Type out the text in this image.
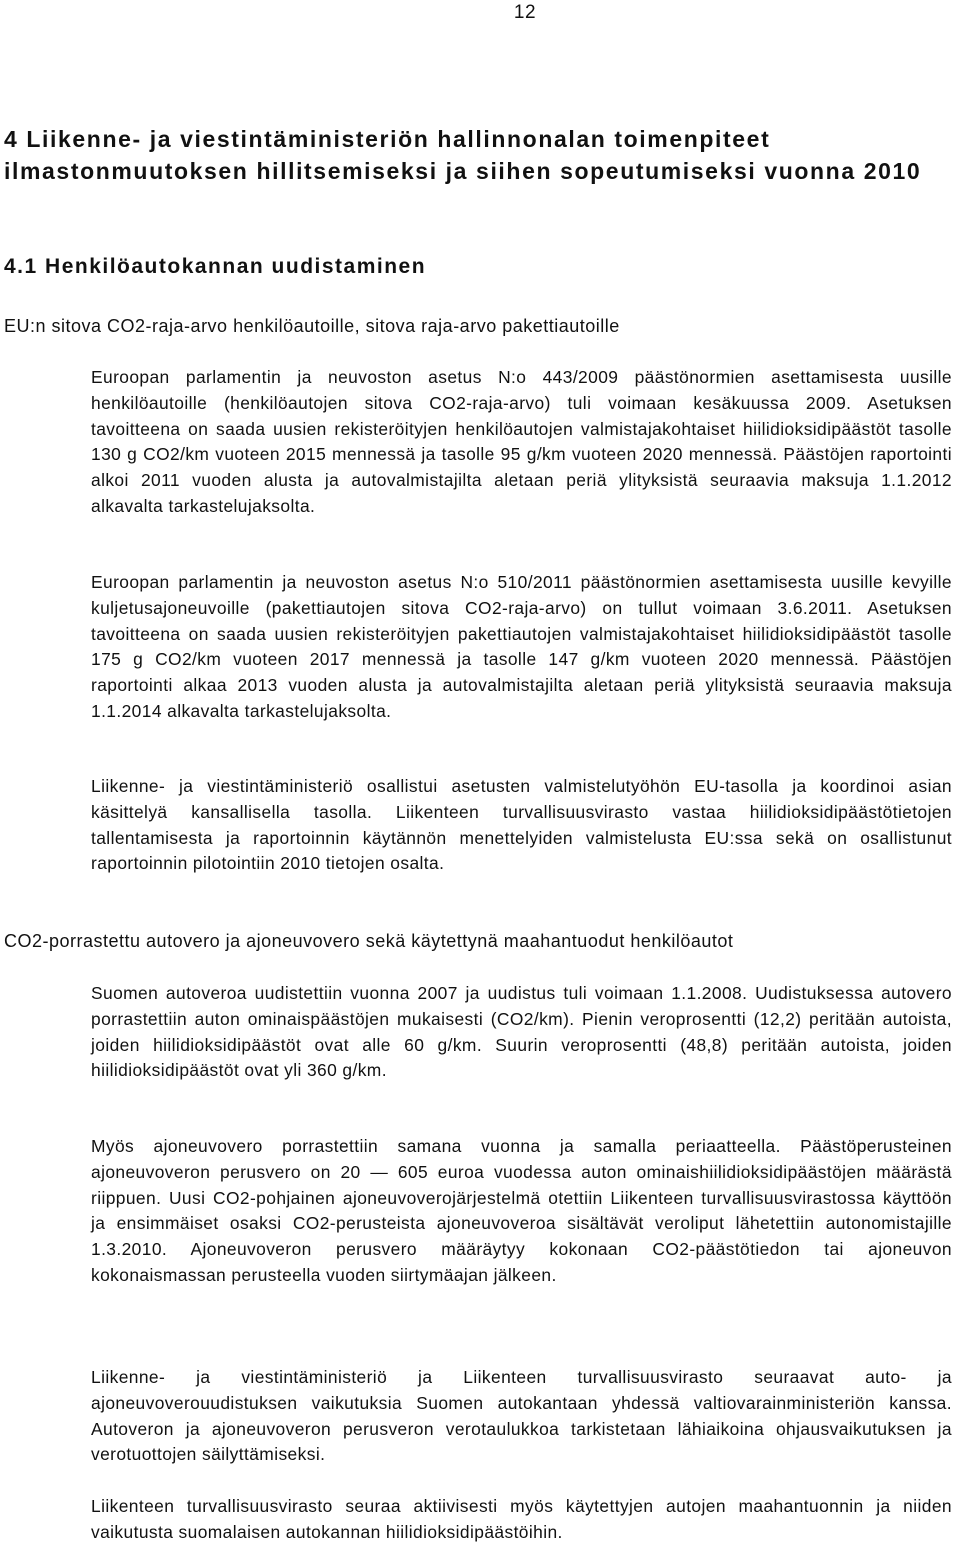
12
4 Liikenne- ja viestintäministeriön hallinnonalan toimenpiteet ilmastonmuutoksen hillitsemiseksi ja siihen sopeutumiseksi vuonna 2010
4.1 Henkilöautokannan uudistaminen
EU:n sitova CO2-raja-arvo henkilöautoille, sitova raja-arvo pakettiautoille

Euroopan parlamentin ja neuvoston asetus N:o 443/2009 päästönormien asettamisesta uusille henkilöautoille (henkilöautojen sitova CO2-raja-arvo) tuli voimaan kesäkuussa 2009. Asetuksen tavoitteena on saada uusien rekisteröityjen henkilöautojen valmistajakohtaiset hiilidioksidipäästöt tasolle 130 g CO2/km vuoteen 2015 mennessä ja tasolle 95 g/km vuoteen 2020 mennessä. Päästöjen raportointi alkoi 2011 vuoden alusta ja autovalmistajilta aletaan periä ylityksistä seuraavia maksuja 1.1.2012 alkavalta tarkastelujaksolta.

Euroopan parlamentin ja neuvoston asetus N:o 510/2011 päästönormien asettamisesta uusille kevyille kuljetusajoneuvoille (pakettiautojen sitova CO2-raja-arvo) on tullut voimaan 3.6.2011. Asetuksen tavoitteena on saada uusien rekisteröityjen pakettiautojen valmistajakohtaiset hiilidioksidipäästöt tasolle 175 g CO2/km vuoteen 2017 mennessä ja tasolle 147 g/km vuoteen 2020 mennessä. Päästöjen raportointi alkaa 2013 vuoden alusta ja autovalmistajilta aletaan periä ylityksistä seuraavia maksuja 1.1.2014 alkavalta tarkastelujaksolta.

Liikenne- ja viestintäministeriö osallistui asetusten valmistelutyöhön EU-tasolla ja koordinoi asian käsittelyä kansallisella tasolla. Liikenteen turvallisuusvirasto vastaa hiilidioksidipäästötietojen tallentamisesta ja raportoinnin käytännön menettelyiden valmistelusta EU:ssa sekä on osallistunut raportoinnin pilotointiin 2010 tietojen osalta.

CO2-porrastettu autovero ja ajoneuvovero sekä käytettynä maahantuodut henkilöautot

Suomen autoveroa uudistettiin vuonna 2007 ja uudistus tuli voimaan 1.1.2008. Uudistuksessa autovero porrastettiin auton ominaispäästöjen mukaisesti (CO2/km). Pienin veroprosentti (12,2) peritään autoista, joiden hiilidioksidipäästöt ovat alle 60 g/km. Suurin veroprosentti (48,8) peritään autoista, joiden hiilidioksidipäästöt ovat yli 360 g/km.

Myös ajoneuvovero porrastettiin samana vuonna ja samalla periaatteella. Päästöperusteinen ajoneuvoveron perusvero on 20 — 605 euroa vuodessa auton ominaishiilidioksidipäästöjen määrästä riippuen. Uusi CO2-pohjainen ajoneuvoverojärjestelmä otettiin Liikenteen turvallisuusvirastossa käyttöön ja ensimmäiset osaksi CO2-perusteista ajoneuvoveroa sisältävät veroliput lähetettiin autonomistajille 1.3.2010. Ajoneuvoveron perusvero määräytyy kokonaan CO2-päästötiedon tai ajoneuvon kokonaismassan perusteella vuoden siirtymäajan jälkeen.

Liikenne- ja viestintäministeriö ja Liikenteen turvallisuusvirasto seuraavat auto- ja ajoneuvoverouudistuksen vaikutuksia Suomen autokantaan yhdessä valtiovarainministeriön kanssa. Autoveron ja ajoneuvoveron perusveron verotaulukkoa tarkistetaan lähiaikoina ohjausvaikutuksen ja verotuottojen säilyttämiseksi.

Liikenteen turvallisuusvirasto seuraa aktiivisesti myös käytettyjen autojen maahantuonnin ja niiden vaikutusta suomalaisen autokannan hiilidioksidipäästöihin.
